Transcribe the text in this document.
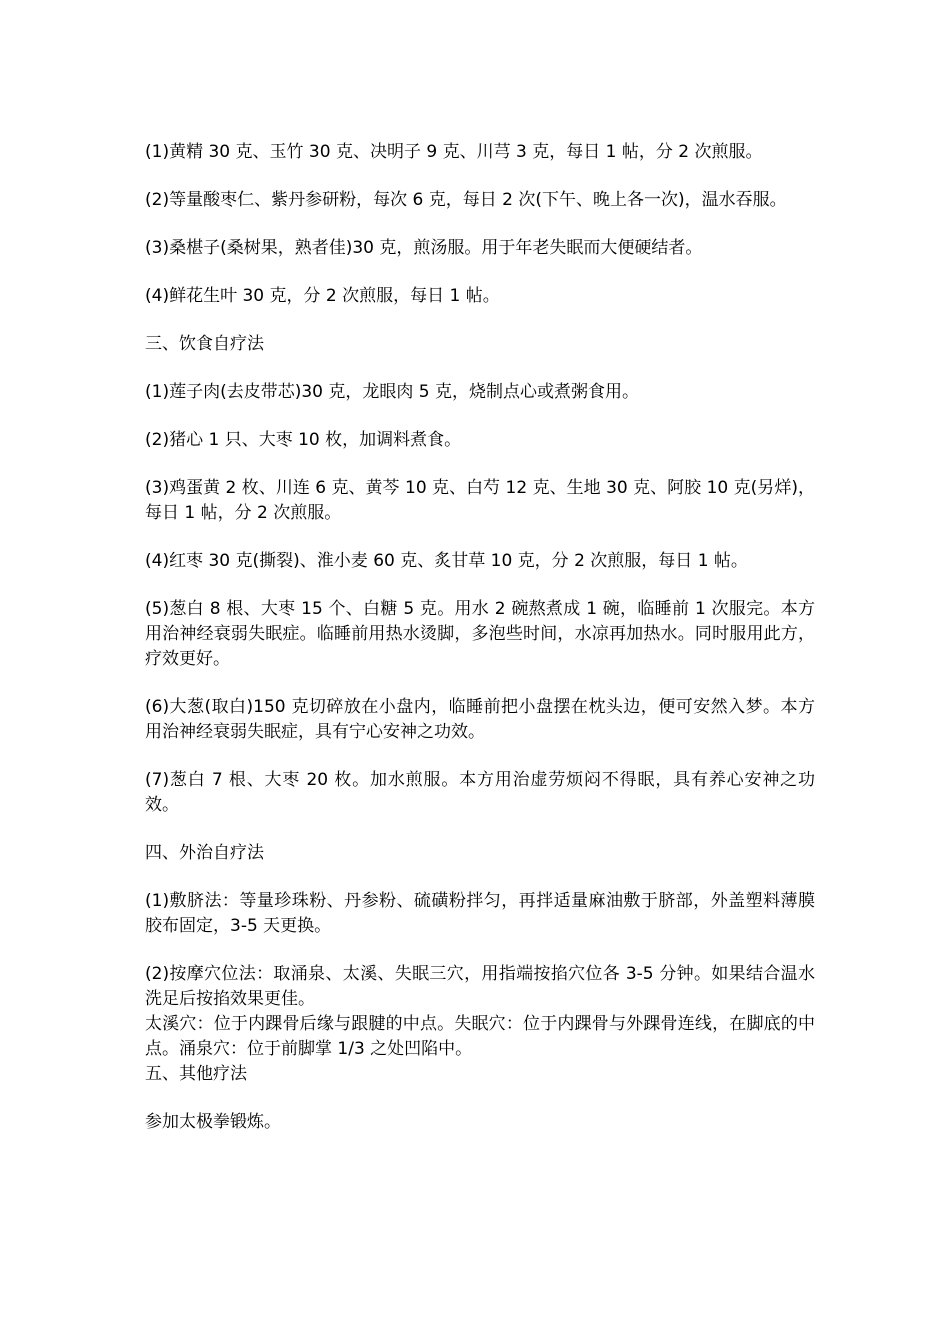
(1)黄精 30 克、玉竹 30 克、决明子 9 克、川芎 3 克，每日 1 帖，分 2 次煎服。

(2)等量酸枣仁、紫丹参研粉，每次 6 克，每日 2 次(下午、晚上各一次)，温水吞服。

(3)桑椹子(桑树果，熟者佳)30 克，煎汤服。用于年老失眠而大便硬结者。

(4)鲜花生叶 30 克，分 2 次煎服，每日 1 帖。

三、饮食自疗法

(1)莲子肉(去皮带芯)30 克，龙眼肉 5 克，烧制点心或煮粥食用。

(2)猪心 1 只、大枣 10 枚，加调料煮食。

(3)鸡蛋黄 2 枚、川连 6 克、黄芩 10 克、白芍 12 克、生地 30 克、阿胶 10 克(另烊)，每日 1 帖，分 2 次煎服。

(4)红枣 30 克(撕裂)、淮小麦 60 克、炙甘草 10 克，分 2 次煎服，每日 1 帖。

(5)葱白 8 根、大枣 15 个、白糖 5 克。用水 2 碗熬煮成 1 碗，临睡前 1 次服完。本方用治神经衰弱失眠症。临睡前用热水烫脚，多泡些时间，水凉再加热水。同时服用此方，疗效更好。

(6)大葱(取白)150 克切碎放在小盘内，临睡前把小盘摆在枕头边，便可安然入梦。本方用治神经衰弱失眠症，具有宁心安神之功效。

(7)葱白 7 根、大枣 20 枚。加水煎服。本方用治虚劳烦闷不得眠，具有养心安神之功效。

四、外治自疗法

(1)敷脐法：等量珍珠粉、丹参粉、硫磺粉拌匀，再拌适量麻油敷于脐部，外盖塑料薄膜胶布固定，3-5 天更换。

(2)按摩穴位法：取涌泉、太溪、失眠三穴，用指端按掐穴位各 3-5 分钟。如果结合温水洗足后按掐效果更佳。

太溪穴：位于内踝骨后缘与跟腱的中点。失眠穴：位于内踝骨与外踝骨连线，在脚底的中点。涌泉穴：位于前脚掌 1/3 之处凹陷中。

五、其他疗法

参加太极拳锻炼。
